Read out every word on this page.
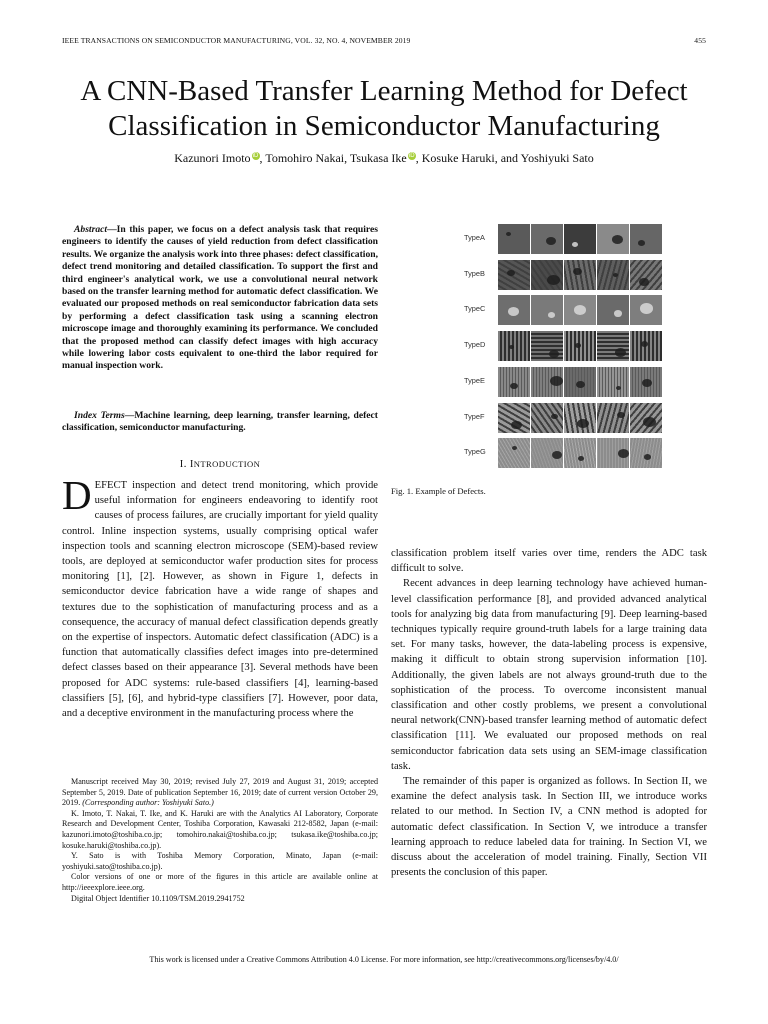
IEEE TRANSACTIONS ON SEMICONDUCTOR MANUFACTURING, VOL. 32, NO. 4, NOVEMBER 2019	455
A CNN-Based Transfer Learning Method for Defect
Classification in Semiconductor Manufacturing
Kazunori Imoto iD, Tomohiro Nakai, Tsukasa Ike iD, Kosuke Haruki, and Yoshiyuki Sato

Abstract—In this paper, we focus on a defect analysis task that requires engineers to identify the causes of yield reduction from defect classification results. We organize the analysis work into three phases: defect classification, defect trend monitoring and detailed classification. To support the first and third engineer's analytical work, we use a convolutional neural network based on the transfer learning method for automatic defect classification. We evaluated our proposed methods on real semiconductor fabrication data sets by performing a defect classification task using a scanning electron microscope image and thoroughly examining its performance. We concluded that the proposed method can classify defect images with high accuracy while lowering labor costs equivalent to one-third the labor required for manual inspection work.

Index Terms—Machine learning, deep learning, transfer learning, defect classification, semiconductor manufacturing.

I. INTRODUCTION

DEFECT inspection and detect trend monitoring, which provide useful information for engineers endeavoring to identify root causes of process failures, are crucially important for yield quality control. Inline inspection systems, usually comprising optical wafer inspection tools and scanning electron microscope (SEM)-based review tools, are deployed at semiconductor wafer production sites for process monitoring [1], [2]. However, as shown in Figure 1, defects in semiconductor device fabrication have a wide range of shapes and textures due to the sophistication of manufacturing process and as a consequence, the accuracy of manual defect classification depends greatly on the expertise of inspectors. Automatic defect classification (ADC) is a function that automatically classifies defect images into pre-determined defect classes based on their appearance [3]. Several methods have been proposed for ADC systems: rule-based classifiers [4], learning-based classifiers [5], [6], and hybrid-type classifiers [7]. However, poor data, and a deceptive environment in the manufacturing process where the

Manuscript received May 30, 2019; revised July 27, 2019 and August 31, 2019; accepted September 5, 2019. Date of publication September 16, 2019; date of current version October 29, 2019. (Corresponding author: Yoshiyuki Sato.)

K. Imoto, T. Nakai, T. Ike, and K. Haruki are with the Analytics AI Laboratory, Corporate Research and Development Center, Toshiba Corporation, Kawasaki 212-8582, Japan (e-mail: kazunori.imoto@toshiba.co.jp; tomohiro.nakai@toshiba.co.jp; tsukasa.ike@toshiba.co.jp; kosuke.haruki@toshiba.co.jp).

Y. Sato is with Toshiba Memory Corporation, Minato, Japan (e-mail: yoshiyuki.sato@toshiba.co.jp).

Color versions of one or more of the figures in this article are available online at http://ieeexplore.ieee.org.

Digital Object Identifier 10.1109/TSM.2019.2941752

TypeA
TypeB
TypeC
TypeD
TypeE
TypeF
TypeG
Fig. 1. Example of Defects.

classification problem itself varies over time, renders the ADC task difficult to solve.

Recent advances in deep learning technology have achieved human-level classification performance [8], and provided advanced analytical tools for analyzing big data from manufacturing [9]. Deep learning-based techniques typically require ground-truth labels for a large training data set. For many tasks, however, the data-labeling process is expensive, making it difficult to obtain strong supervision information [10]. Additionally, the given labels are not always ground-truth due to the sophistication of the process. To overcome inconsistent manual classification and other costly problems, we present a convolutional neural network(CNN)-based transfer learning method of automatic defect classification [11]. We evaluated our proposed methods on real semiconductor fabrication data sets using an SEM-image classification task.

The remainder of this paper is organized as follows. In Section II, we examine the defect analysis task. In Section III, we introduce works related to our method. In Section IV, a CNN method is adopted for automatic defect classification. In Section V, we introduce a transfer learning approach to reduce labeled data for training. In Section VI, we discuss about the acceleration of model training. Finally, Section VII presents the conclusion of this paper.

This work is licensed under a Creative Commons Attribution 4.0 License. For more information, see http://creativecommons.org/licenses/by/4.0/
